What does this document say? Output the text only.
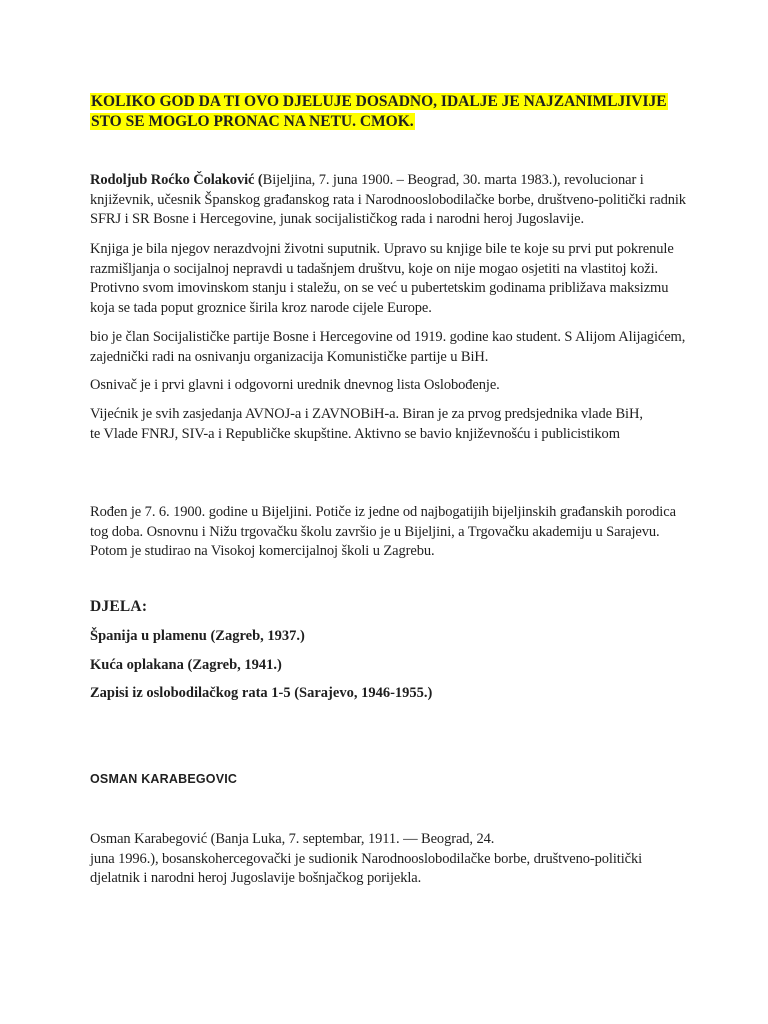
KOLIKO GOD DA TI OVO DJELUJE DOSADNO, IDALJE JE NAJZANIMLJIVIJE
STO SE MOGLO PRONAC NA NETU. CMOK.

Rodoljub Roćko Čolaković (Bijeljina, 7. juna 1900. – Beograd, 30. marta 1983.), revolucionar i književnik, učesnik Španskog građanskog rata i Narodnooslobodilačke borbe, društveno-politički radnik SFRJ i SR Bosne i Hercegovine, junak socijalističkog rada i narodni heroj Jugoslavije.

Knjiga je bila njegov nerazdvojni životni suputnik. Upravo su knjige bile te koje su prvi put pokrenule razmišljanja o socijalnoj nepravdi u tadašnjem društvu, koje on nije mogao osjetiti na vlastitoj koži. Protivno svom imovinskom stanju i staležu, on se već u pubertetskim godinama približava maksizmu koja se tada poput groznice širila kroz narode cijele Europe.

bio je član Socijalističke partije Bosne i Hercegovine od 1919. godine kao student. S Alijom Alijagićem, zajednički radi na osnivanju organizacija Komunističke partije u BiH.

Osnivač je i prvi glavni i odgovorni urednik dnevnog lista Oslobođenje.

Vijećnik je svih zasjedanja AVNOJ-a i ZAVNOBiH-a. Biran je za prvog predsjednika vlade BiH, te Vlade FNRJ, SIV-a i Republičke skupštine. Aktivno se bavio književnošću i publicistikom

Rođen je 7. 6. 1900. godine u Bijeljini. Potiče iz jedne od najbogatijih bijeljinskih građanskih porodica tog doba. Osnovnu i Nižu trgovačku školu završio je u Bijeljini, a Trgovačku akademiju u Sarajevu. Potom je studirao na Visokoj komercijalnoj školi u Zagrebu.

DJELA:

Španija u plamenu (Zagreb, 1937.)

Kuća oplakana (Zagreb, 1941.)

Zapisi iz oslobodilačkog rata 1-5 (Sarajevo, 1946-1955.)

OSMAN KARABEGOVIC

Osman Karabegović (Banja Luka, 7. septembar, 1911. — Beograd, 24.
juna 1996.), bosanskohercegovački je sudionik Narodnooslobodilačke borbe, društveno-politički
djelatnik i narodni heroj Jugoslavije bošnjačkog porijekla.
